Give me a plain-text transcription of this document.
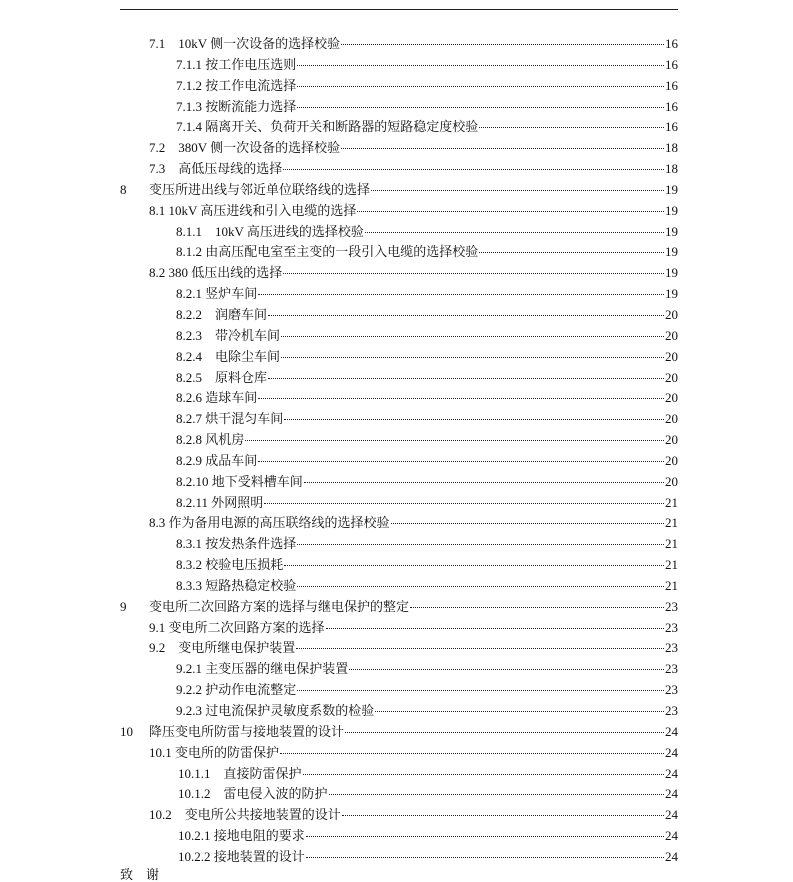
7.1　10kV 侧一次设备的选择校验	16
7.1.1 按工作电压选则	16
7.1.2 按工作电流选择	16
7.1.3 按断流能力选择	16
7.1.4 隔离开关、负荷开关和断路器的短路稳定度校验	16
7.2　380V 侧一次设备的选择校验	18
7.3　高低压母线的选择	18
8 变压所进出线与邻近单位联络线的选择	19
8.1 10kV 高压进线和引入电缆的选择	19
8.1.1　10kV 高压进线的选择校验	19
8.1.2 由高压配电室至主变的一段引入电缆的选择校验	19
8.2 380 低压出线的选择	19
8.2.1 竖炉车间	19
8.2.2　润磨车间	20
8.2.3　带冷机车间	20
8.2.4　电除尘车间	20
8.2.5　原料仓库	20
8.2.6 造球车间	20
8.2.7 烘干混匀车间	20
8.2.8 风机房	20
8.2.9 成品车间	20
8.2.10 地下受料槽车间	20
8.2.11 外网照明	21
8.3 作为备用电源的高压联络线的选择校验	21
8.3.1 按发热条件选择	21
8.3.2 校验电压损耗	21
8.3.3 短路热稳定校验	21
9 变电所二次回路方案的选择与继电保护的整定	23
9.1 变电所二次回路方案的选择	23
9.2　变电所继电保护装置	23
9.2.1 主变压器的继电保护装置	23
9.2.2 护动作电流整定	23
9.2.3 过电流保护灵敏度系数的检验	23
10 降压变电所防雷与接地装置的设计	24
10.1 变电所的防雷保护	24
10.1.1　直接防雷保护	24
10.1.2　雷电侵入波的防护	24
10.2　变电所公共接地装置的设计	24
10.2.1 接地电阻的要求	24
10.2.2 接地装置的设计	24
致　谢
